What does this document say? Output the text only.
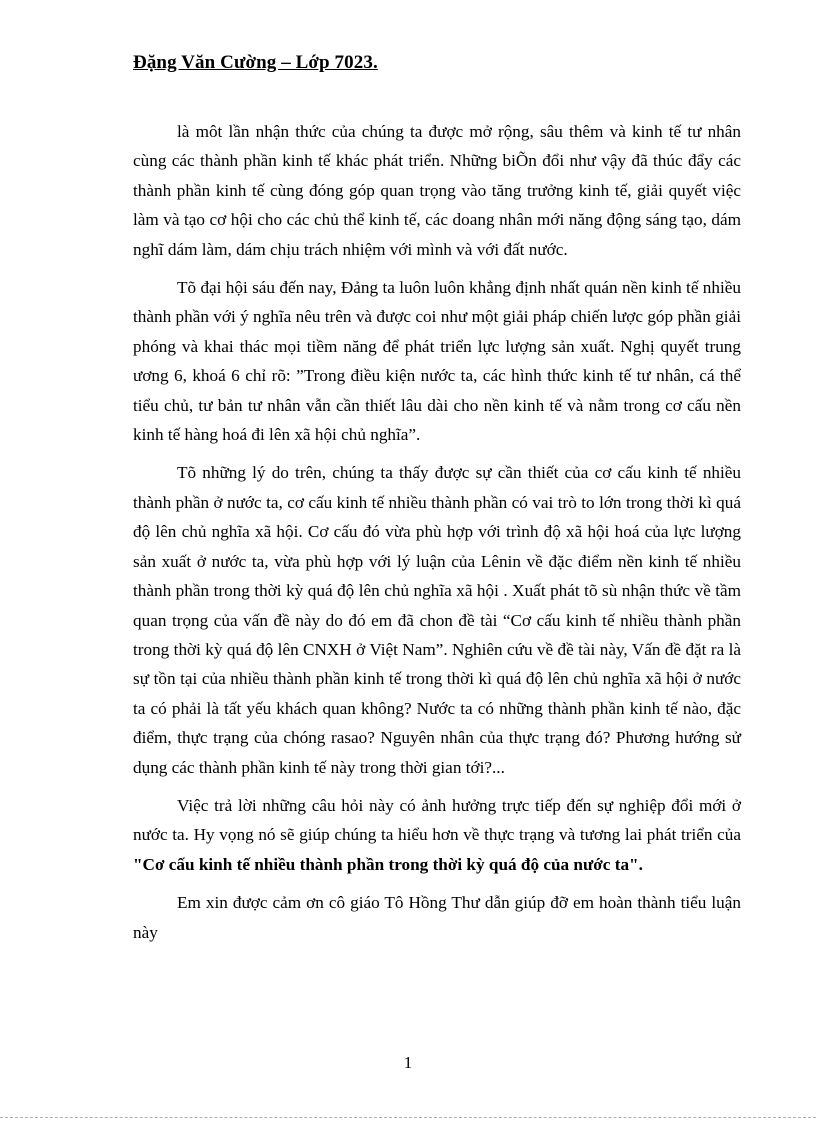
Đặng Văn Cường – Lớp 7023.

là môt lần nhận thức của chúng ta được mở rộng, sâu thêm và kinh tế tư nhân cùng các thành phần kinh tế khác phát triển. Những biÕn đổi như vậy đã thúc đẩy các thành phần kinh tế cùng đóng góp quan trọng vào tăng trưởng kinh tế, giải quyết việc làm và tạo cơ hội cho các chủ thể kinh tế, các doang nhân mới năng động sáng tạo, dám nghĩ dám làm, dám chịu trách nhiệm với mình và với đất nước.

Tõ đại hội sáu đến nay, Đảng ta luôn luôn khẳng định nhất quán nền kinh tế nhiều thành phần với ý nghĩa nêu trên và được coi như một giải pháp chiến lược góp phần giải phóng và khai thác mọi tiềm năng để phát triển lực lượng sản xuất. Nghị quyết trung ương 6, khoá 6 chỉ rõ: ”Trong điều kiện nước ta, các hình thức kinh tế tư nhân, cá thể tiểu chủ, tư bản tư nhân vẫn cần thiết lâu dài cho nền kinh tế và nằm trong cơ cấu nền kinh tế hàng hoá đi lên xã hội chủ nghĩa”.

Tõ những lý do trên, chúng ta thấy được sự cần thiết của cơ cấu kinh tế nhiều thành phần ở nước ta, cơ cấu kinh tế nhiều thành phần có vai trò to lớn trong thời kì quá độ lên chủ nghĩa xã hội. Cơ cấu đó vừa phù hợp với trình độ xã hội hoá của lực lượng sản xuất ở nước ta, vừa phù hợp với lý luận của Lênin về đặc điểm nền kinh tế nhiều thành phần trong thời kỳ quá độ lên chủ nghĩa xã hội . Xuất phát tõ sù nhận thức về tầm quan trọng của vấn đề này do đó em đã chon đề tài “Cơ cấu kinh tế nhiều thành phần trong thời kỳ quá độ lên CNXH ở Việt Nam”. Nghiên cứu về đề tài này, Vấn đề đặt ra là sự tồn tại của nhiều thành phần kinh tế trong thời kì quá độ lên chủ nghĩa xã hội ở nước ta có phải là tất yếu khách quan không? Nước ta có những thành phần kinh tế nào, đặc điểm, thực trạng của chóng rasao? Nguyên nhân của thực trạng đó? Phương hướng sử dụng các thành phần kinh tế này trong thời gian tới?...

Việc trả lời những câu hỏi này có ảnh hưởng trực tiếp đến sự nghiệp đổi mới ở nước ta. Hy vọng nó sẽ giúp chúng ta hiểu hơn về thực trạng và tương lai phát triển của "Cơ cấu kinh tế nhiều thành phần trong thời kỳ quá độ của nước ta".

Em xin được cảm ơn cô giáo Tô Hồng Thư dẫn giúp đỡ em hoàn thành tiểu luận này

1
